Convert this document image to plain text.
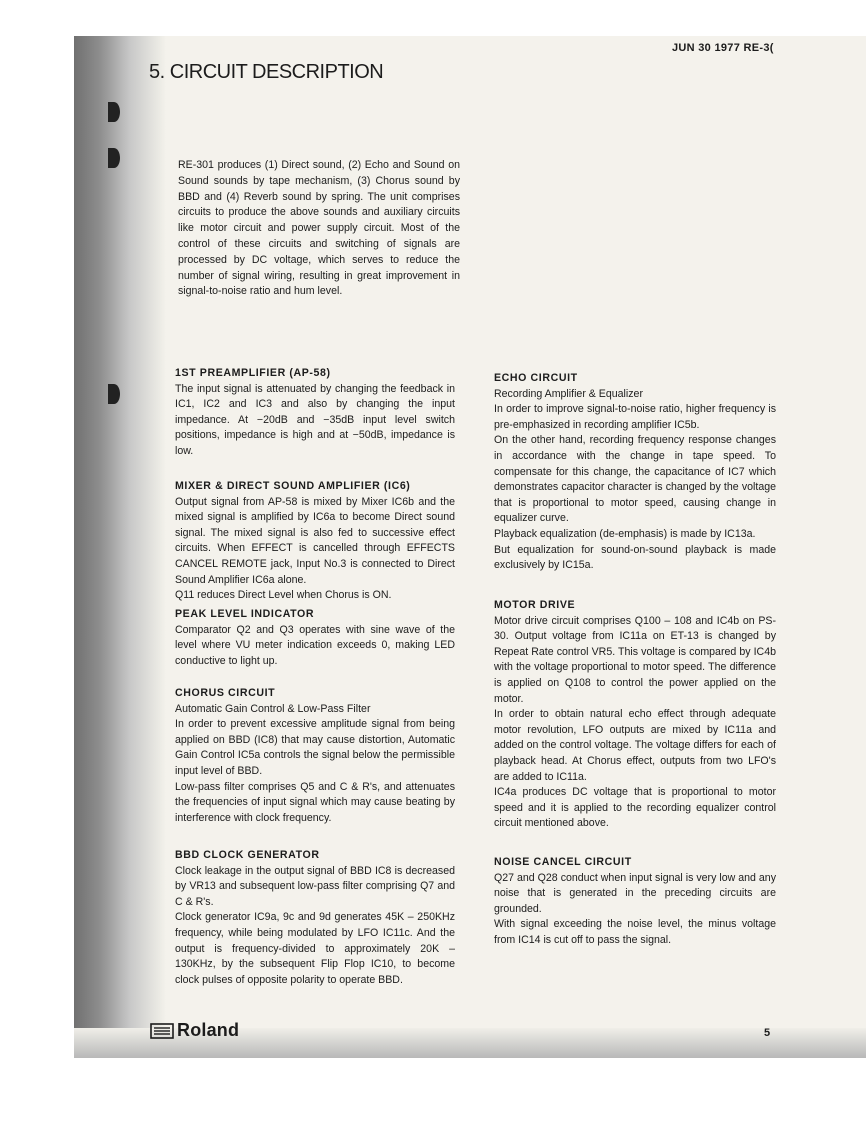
JUN 30 1977 RE-3(
5. CIRCUIT DESCRIPTION

RE-301 produces (1) Direct sound, (2) Echo and Sound on Sound sounds by tape mechanism, (3) Chorus sound by BBD and (4) Reverb sound by spring. The unit comprises circuits to produce the above sounds and auxiliary circuits like motor circuit and power supply circuit. Most of the control of these circuits and switching of signals are processed by DC voltage, which serves to reduce the number of signal wiring, resulting in great improvement in signal-to-noise ratio and hum level.

1ST PREAMPLIFIER (AP-58)

The input signal is attenuated by changing the feedback in IC1, IC2 and IC3 and also by changing the input impedance. At −20dB and −35dB input level switch positions, impedance is high and at −50dB, impedance is low.

MIXER & DIRECT SOUND AMPLIFIER (IC6)

Output signal from AP-58 is mixed by Mixer IC6b and the mixed signal is amplified by IC6a to become Direct sound signal. The mixed signal is also fed to successive effect circuits. When EFFECT is cancelled through EFFECTS CANCEL REMOTE jack, Input No.3 is connected to Direct Sound Amplifier IC6a alone.

Q11 reduces Direct Level when Chorus is ON.

PEAK LEVEL INDICATOR

Comparator Q2 and Q3 operates with sine wave of the level where VU meter indication exceeds 0, making LED conductive to light up.

CHORUS CIRCUIT

Automatic Gain Control & Low-Pass Filter

In order to prevent excessive amplitude signal from being applied on BBD (IC8) that may cause distortion, Automatic Gain Control IC5a controls the signal below the permissible input level of BBD.

Low-pass filter comprises Q5 and C & R's, and attenuates the frequencies of input signal which may cause beating by interference with clock frequency.

BBD CLOCK GENERATOR

Clock leakage in the output signal of BBD IC8 is decreased by VR13 and subsequent low-pass filter comprising Q7 and C & R's.

Clock generator IC9a, 9c and 9d generates 45K – 250KHz frequency, while being modulated by LFO IC11c. And the output is frequency-divided to approximately 20K – 130KHz, by the subsequent Flip Flop IC10, to become clock pulses of opposite polarity to operate BBD.

ECHO CIRCUIT

Recording Amplifier & Equalizer

In order to improve signal-to-noise ratio, higher frequency is pre-emphasized in recording amplifier IC5b.

On the other hand, recording frequency response changes in accordance with the change in tape speed. To compensate for this change, the capacitance of IC7 which demonstrates capacitor character is changed by the voltage that is proportional to motor speed, causing change in equalizer curve.

Playback equalization (de-emphasis) is made by IC13a.

But equalization for sound-on-sound playback is made exclusively by IC15a.

MOTOR DRIVE

Motor drive circuit comprises Q100 – 108 and IC4b on PS-30. Output voltage from IC11a on ET-13 is changed by Repeat Rate control VR5. This voltage is compared by IC4b with the voltage proportional to motor speed. The difference is applied on Q108 to control the power applied on the motor.

In order to obtain natural echo effect through adequate motor revolution, LFO outputs are mixed by IC11a and added on the control voltage. The voltage differs for each of playback head. At Chorus effect, outputs from two LFO's are added to IC11a.

IC4a produces DC voltage that is proportional to motor speed and it is applied to the recording equalizer control circuit mentioned above.

NOISE CANCEL CIRCUIT

Q27 and Q28 conduct when input signal is very low and any noise that is generated in the preceding circuits are grounded.

With signal exceeding the noise level, the minus voltage from IC14 is cut off to pass the signal.

Roland	5
